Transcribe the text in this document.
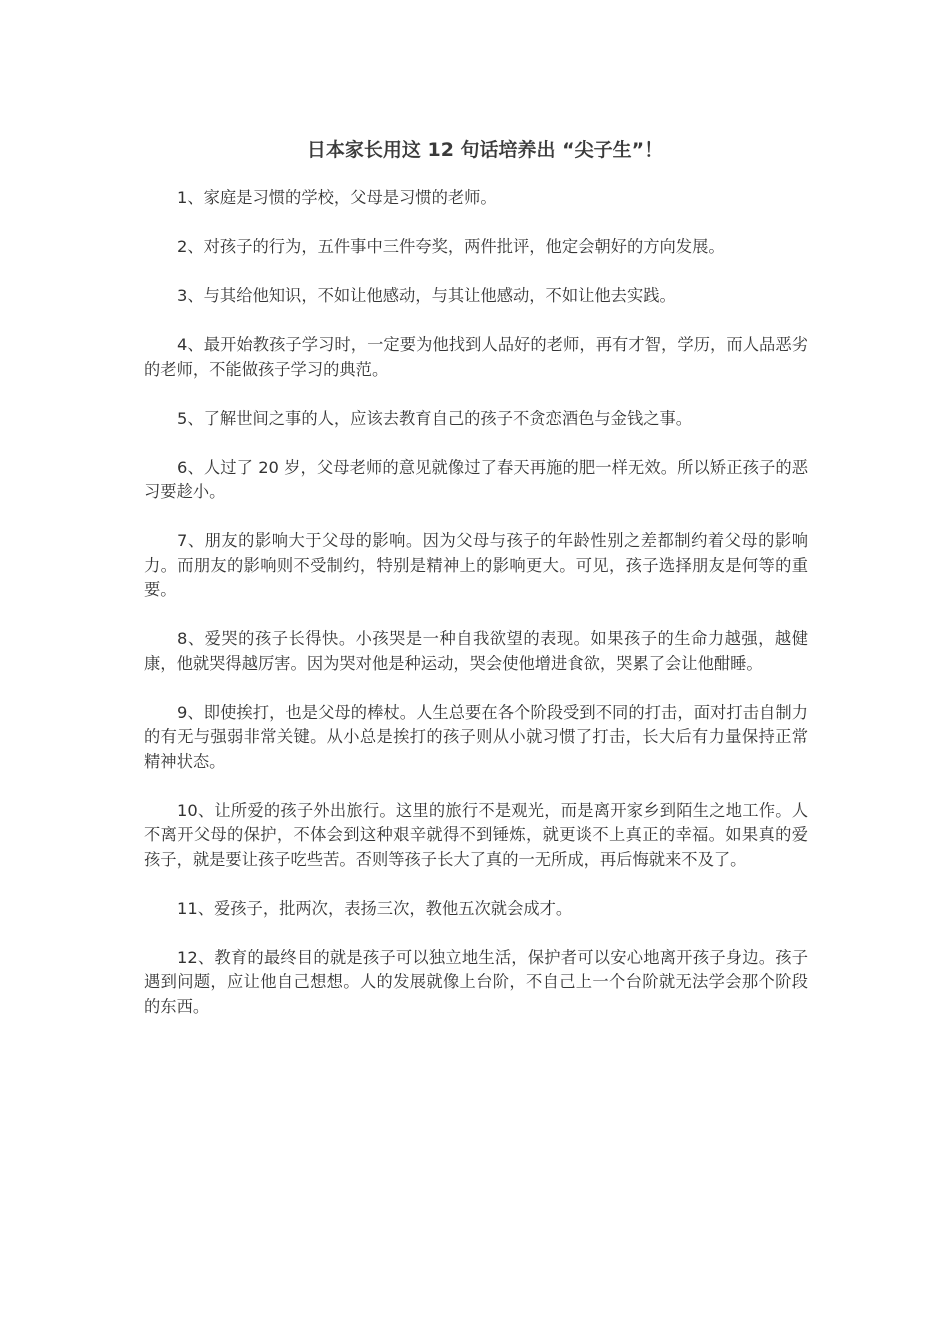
日本家长用这 12 句话培养出 “尖子生”！

1、家庭是习惯的学校，父母是习惯的老师。

2、对孩子的行为，五件事中三件夸奖，两件批评，他定会朝好的方向发展。

3、与其给他知识，不如让他感动，与其让他感动，不如让他去实践。

4、最开始教孩子学习时，一定要为他找到人品好的老师，再有才智，学历，而人品恶劣的老师，不能做孩子学习的典范。

5、了解世间之事的人，应该去教育自己的孩子不贪恋酒色与金钱之事。

6、人过了 20 岁，父母老师的意见就像过了春天再施的肥一样无效。所以矫正孩子的恶习要趁小。

7、朋友的影响大于父母的影响。因为父母与孩子的年龄性别之差都制约着父母的影响力。而朋友的影响则不受制约，特别是精神上的影响更大。可见，孩子选择朋友是何等的重要。

8、爱哭的孩子长得快。小孩哭是一种自我欲望的表现。如果孩子的生命力越强，越健康，他就哭得越厉害。因为哭对他是种运动，哭会使他增进食欲，哭累了会让他酣睡。

9、即使挨打，也是父母的棒杖。人生总要在各个阶段受到不同的打击，面对打击自制力的有无与强弱非常关键。从小总是挨打的孩子则从小就习惯了打击，长大后有力量保持正常精神状态。

10、让所爱的孩子外出旅行。这里的旅行不是观光，而是离开家乡到陌生之地工作。人不离开父母的保护，不体会到这种艰辛就得不到锤炼，就更谈不上真正的幸福。如果真的爱孩子，就是要让孩子吃些苦。否则等孩子长大了真的一无所成，再后悔就来不及了。

11、爱孩子，批两次，表扬三次，教他五次就会成才。

12、教育的最终目的就是孩子可以独立地生活，保护者可以安心地离开孩子身边。孩子遇到问题，应让他自己想想。人的发展就像上台阶，不自己上一个台阶就无法学会那个阶段的东西。
